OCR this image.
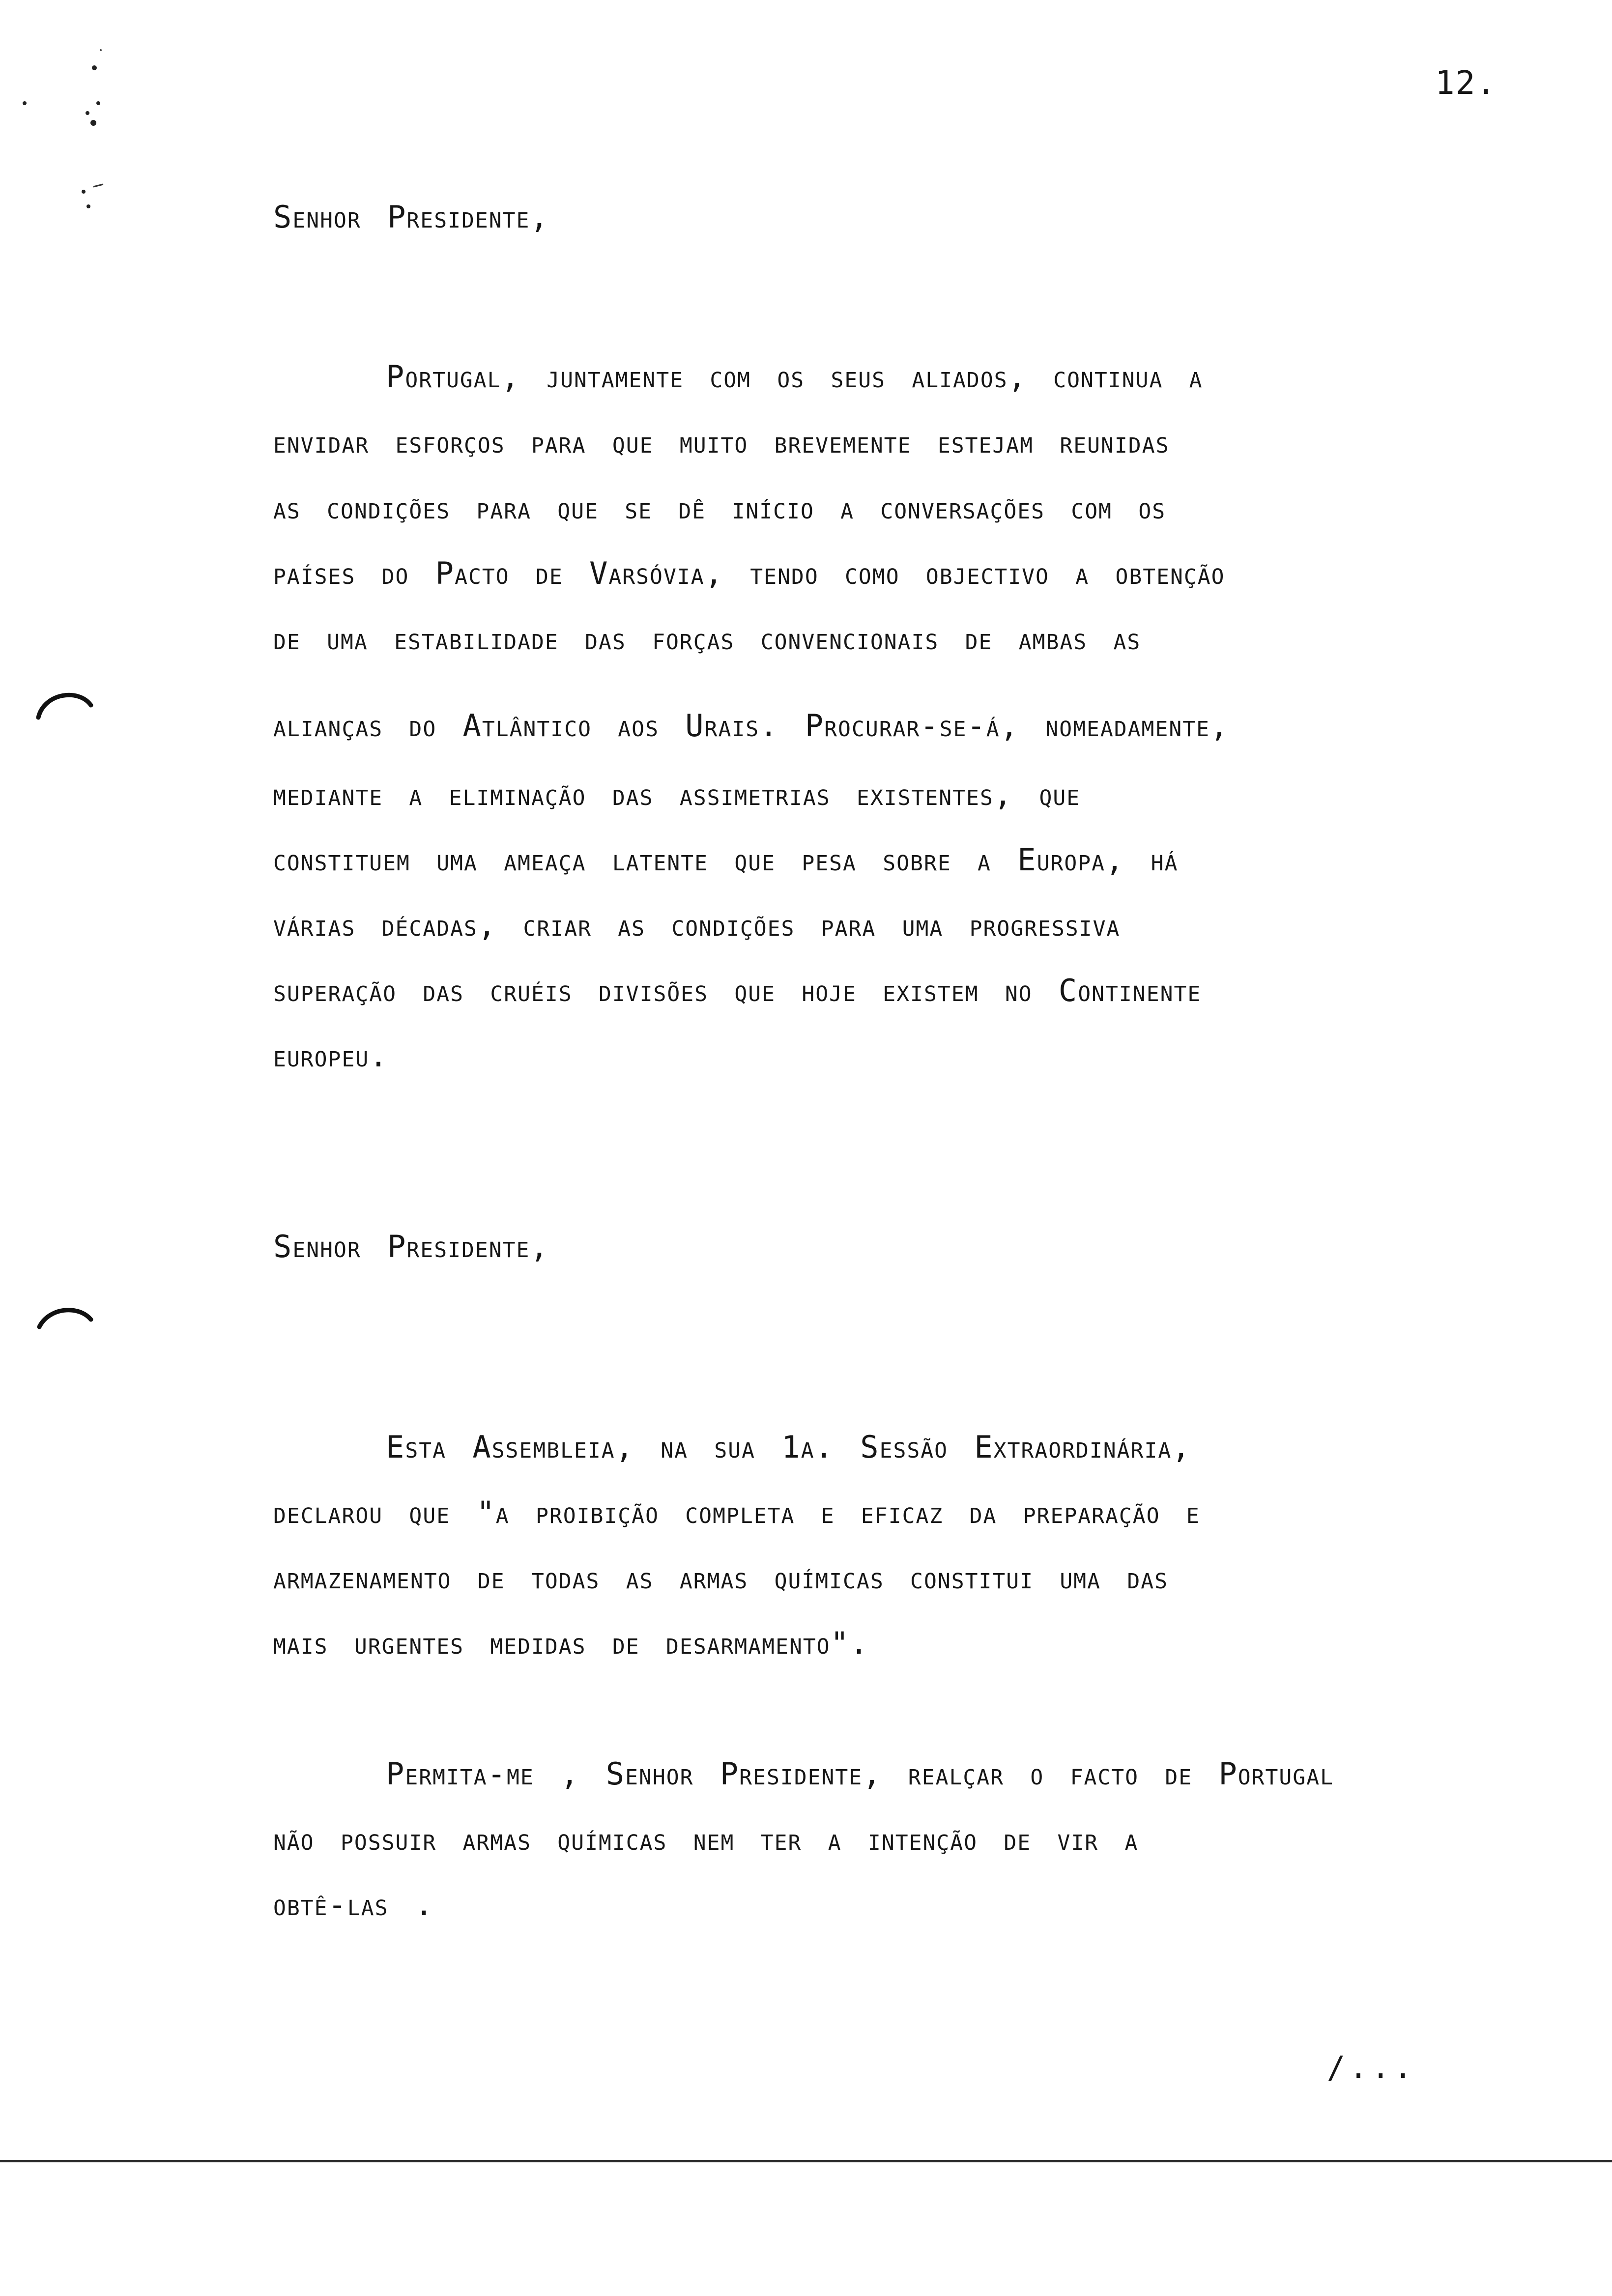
12.
Senhor Presidente,
Portugal, juntamente com os seus aliados, continua a
envidar esforços para que muito brevemente estejam reunidas
as condições para que se dê início a conversações com os
países do Pacto de Varsóvia, tendo como objectivo a obtenção
de uma estabilidade das forças convencionais de ambas as
alianças do Atlântico aos Urais. Procurar-se-á, nomeadamente,
mediante a eliminação das assimetrias existentes, que
constituem uma ameaça latente que pesa sobre a Europa, há
várias décadas, criar as condições para uma progressiva
superação das cruéis divisões que hoje existem no Continente
europeu.
Senhor Presidente,
Esta Assembleia, na sua 1a. Sessão Extraordinária,
declarou que "a proibição completa e eficaz da preparação e
armazenamento de todas as armas químicas constitui uma das
mais urgentes medidas de desarmamento".
Permita-me , Senhor Presidente, realçar o facto de Portugal
não possuir armas químicas nem ter a intenção de vir a
obtê-las .
/...
